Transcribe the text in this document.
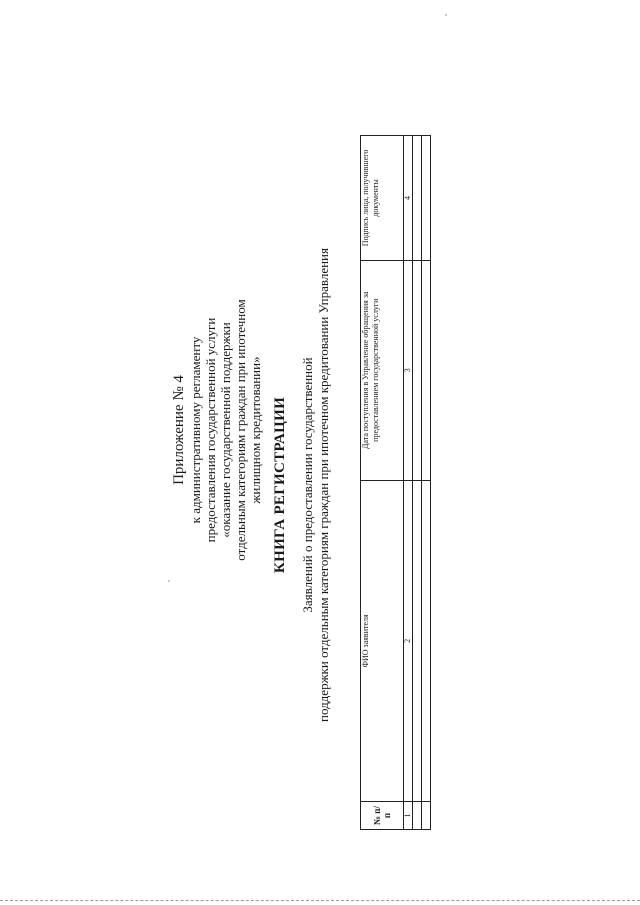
Приложение № 4 к административному регламенту предоставления государственной услуги «оказание государственной поддержки отдельным категориям граждан при ипотечном жилищном кредитовании» КНИГА РЕГИСТРАЦИИ Заявлений о предоставлении государственной поддержки отдельным категориям граждан при ипотечном кредитовании Управления
№ п/п	ФИО заявителя	Дата поступления в Управление обращения за предоставлением государственной услуги	Подпись лица, получившего документы
1	2	3	4
